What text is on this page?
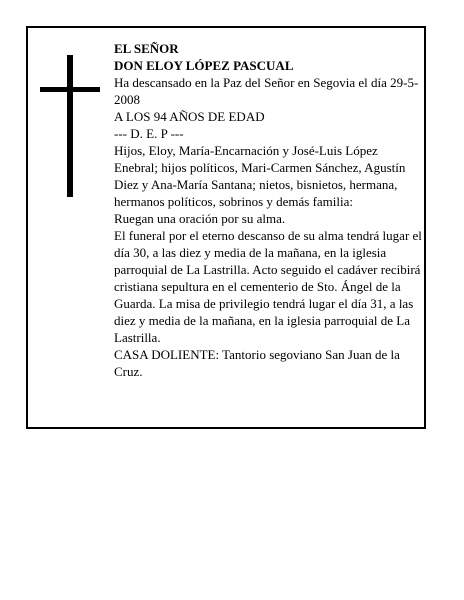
EL SEÑOR

DON ELOY LÓPEZ PASCUAL

Ha descansado en la Paz del Señor en Segovia el día 29-5-2008

A LOS 94 AÑOS DE EDAD

--- D. E. P ---

Hijos, Eloy, María-Encarnación y José-Luis López Enebral; hijos políticos, Mari-Carmen Sánchez, Agustín Diez y Ana-María Santana; nietos, bisnietos, hermana, hermanos políticos, sobrinos y demás familia:

Ruegan una oración por su alma.

El funeral por el eterno descanso de su alma tendrá lugar el día 30, a las diez y media de la mañana, en la iglesia parroquial de La Lastrilla. Acto seguido el cadáver recibirá cristiana sepultura en el cementerio de Sto. Ángel de la Guarda. La misa de privilegio tendrá lugar el día 31, a las diez y media de la mañana, en la iglesia parroquial de La Lastrilla.

CASA DOLIENTE: Tantorio segoviano San Juan de la Cruz.
